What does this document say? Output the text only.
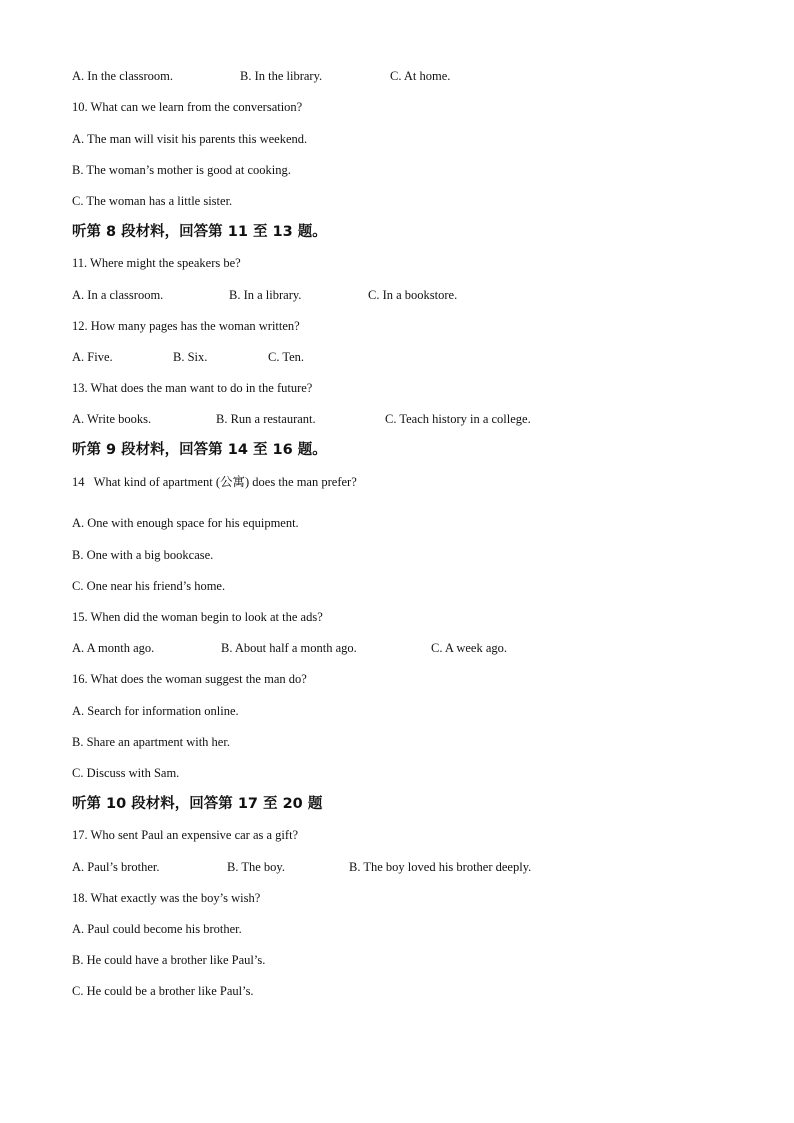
A. In the classroom.	B. In the library.	C. At home.
10. What can we learn from the conversation?
A. The man will visit his parents this weekend.
B. The woman’s mother is good at cooking.
C. The woman has a little sister.
听第 8 段材料，回答第 11 至 13 题。
11. Where might the speakers be?
A. In a classroom.	B. In a library.	C. In a bookstore.
12. How many pages has the woman written?
A. Five.	B. Six.	C. Ten.
13. What does the man want to do in the future?
A. Write books.	B. Run a restaurant.	C. Teach history in a college.
听第 9 段材料，回答第 14 至 16 题。
14   What kind of apartment (公寓) does the man prefer?
A. One with enough space for his equipment.
B. One with a big bookcase.
C. One near his friend’s home.
15. When did the woman begin to look at the ads?
A. A month ago.	B. About half a month ago.	C. A week ago.
16. What does the woman suggest the man do?
A. Search for information online.
B. Share an apartment with her.
C. Discuss with Sam.
听第 10 段材料，回答第 17 至 20 题
17. Who sent Paul an expensive car as a gift?
A. Paul’s brother.	B. The boy.	B. The boy loved his brother deeply.
18. What exactly was the boy’s wish?
A. Paul could become his brother.
B. He could have a brother like Paul’s.
C. He could be a brother like Paul’s.
